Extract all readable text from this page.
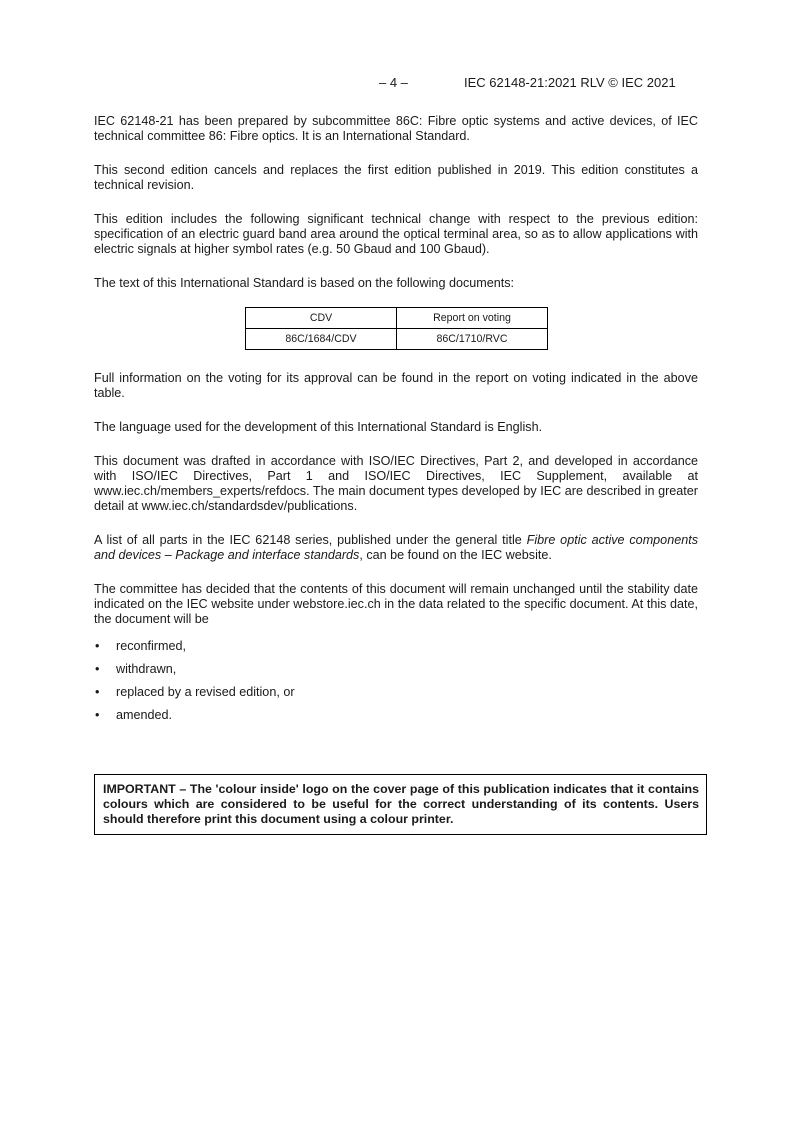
– 4 –	IEC 62148-21:2021 RLV © IEC 2021

IEC 62148-21 has been prepared by subcommittee 86C: Fibre optic systems and active devices, of IEC technical committee 86: Fibre optics. It is an International Standard.

This second edition cancels and replaces the first edition published in 2019. This edition constitutes a technical revision.

This edition includes the following significant technical change with respect to the previous edition: specification of an electric guard band area around the optical terminal area, so as to allow applications with electric signals at higher symbol rates (e.g. 50 Gbaud and 100 Gbaud).

The text of this International Standard is based on the following documents:

CDV	Report on voting
86C/1684/CDV	86C/1710/RVC

Full information on the voting for its approval can be found in the report on voting indicated in the above table.

The language used for the development of this International Standard is English.

This document was drafted in accordance with ISO/IEC Directives, Part 2, and developed in accordance with ISO/IEC Directives, Part 1 and ISO/IEC Directives, IEC Supplement, available at www.iec.ch/members_experts/refdocs. The main document types developed by IEC are described in greater detail at www.iec.ch/standardsdev/publications.

A list of all parts in the IEC 62148 series, published under the general title Fibre optic active components and devices – Package and interface standards, can be found on the IEC website.

The committee has decided that the contents of this document will remain unchanged until the stability date indicated on the IEC website under webstore.iec.ch in the data related to the specific document. At this date, the document will be

• reconfirmed,
• withdrawn,
• replaced by a revised edition, or
• amended.
IMPORTANT – The 'colour inside' logo on the cover page of this publication indicates that it contains colours which are considered to be useful for the correct understanding of its contents. Users should therefore print this document using a colour printer.
